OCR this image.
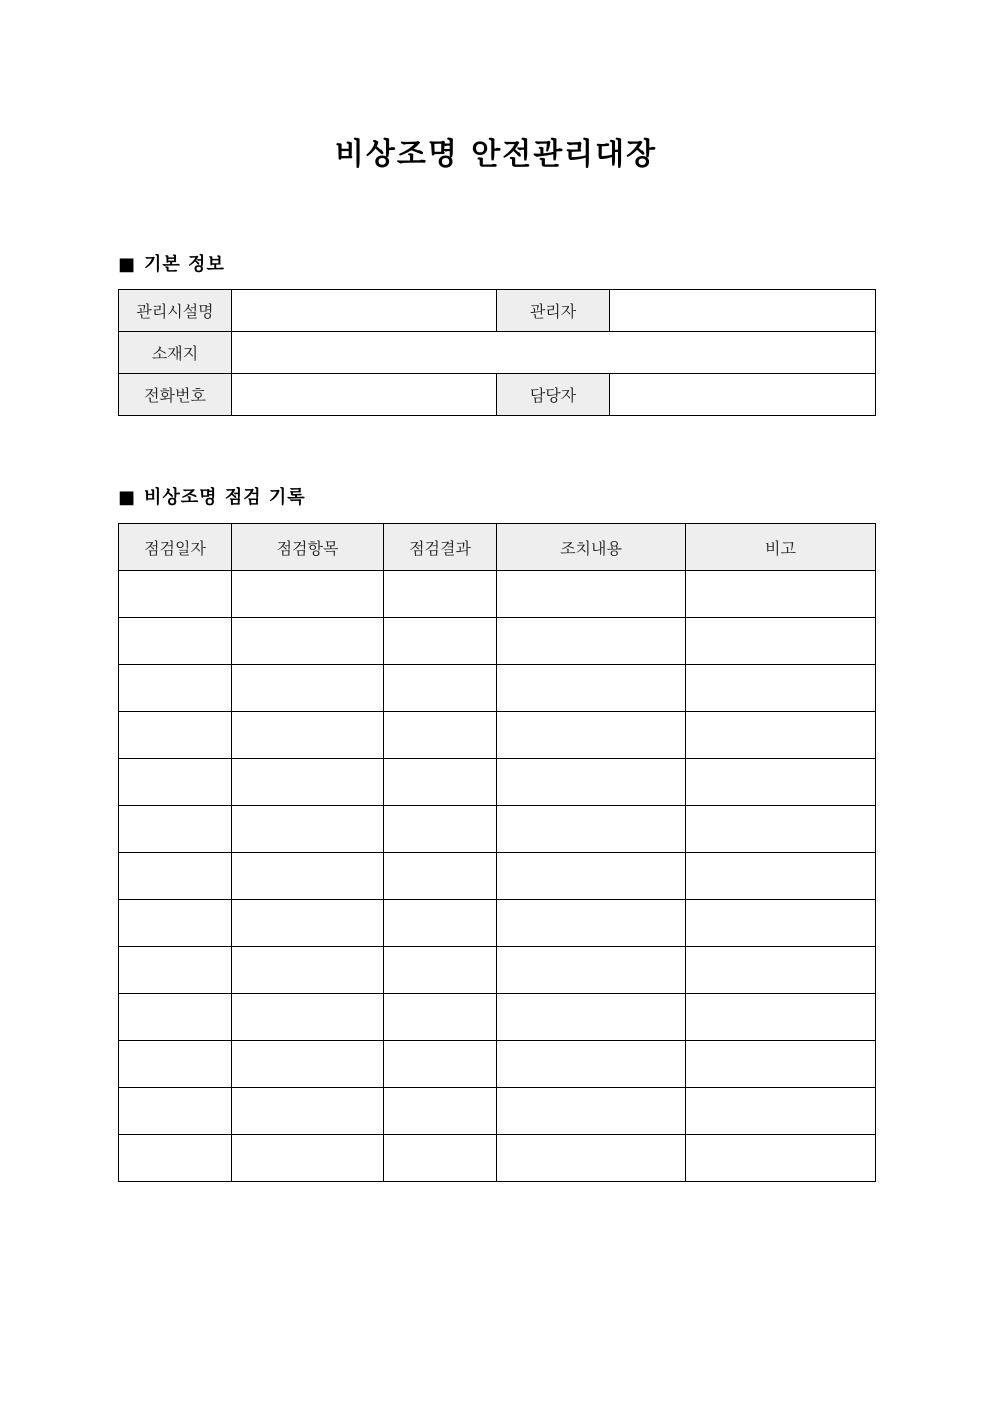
비상조명 안전관리대장
■ 기본 정보
관리시설명		관리자	
소재지			
전화번호		담당자	
■ 비상조명 점검 기록
점검일자	점검항목	점검결과	조치내용	비고
